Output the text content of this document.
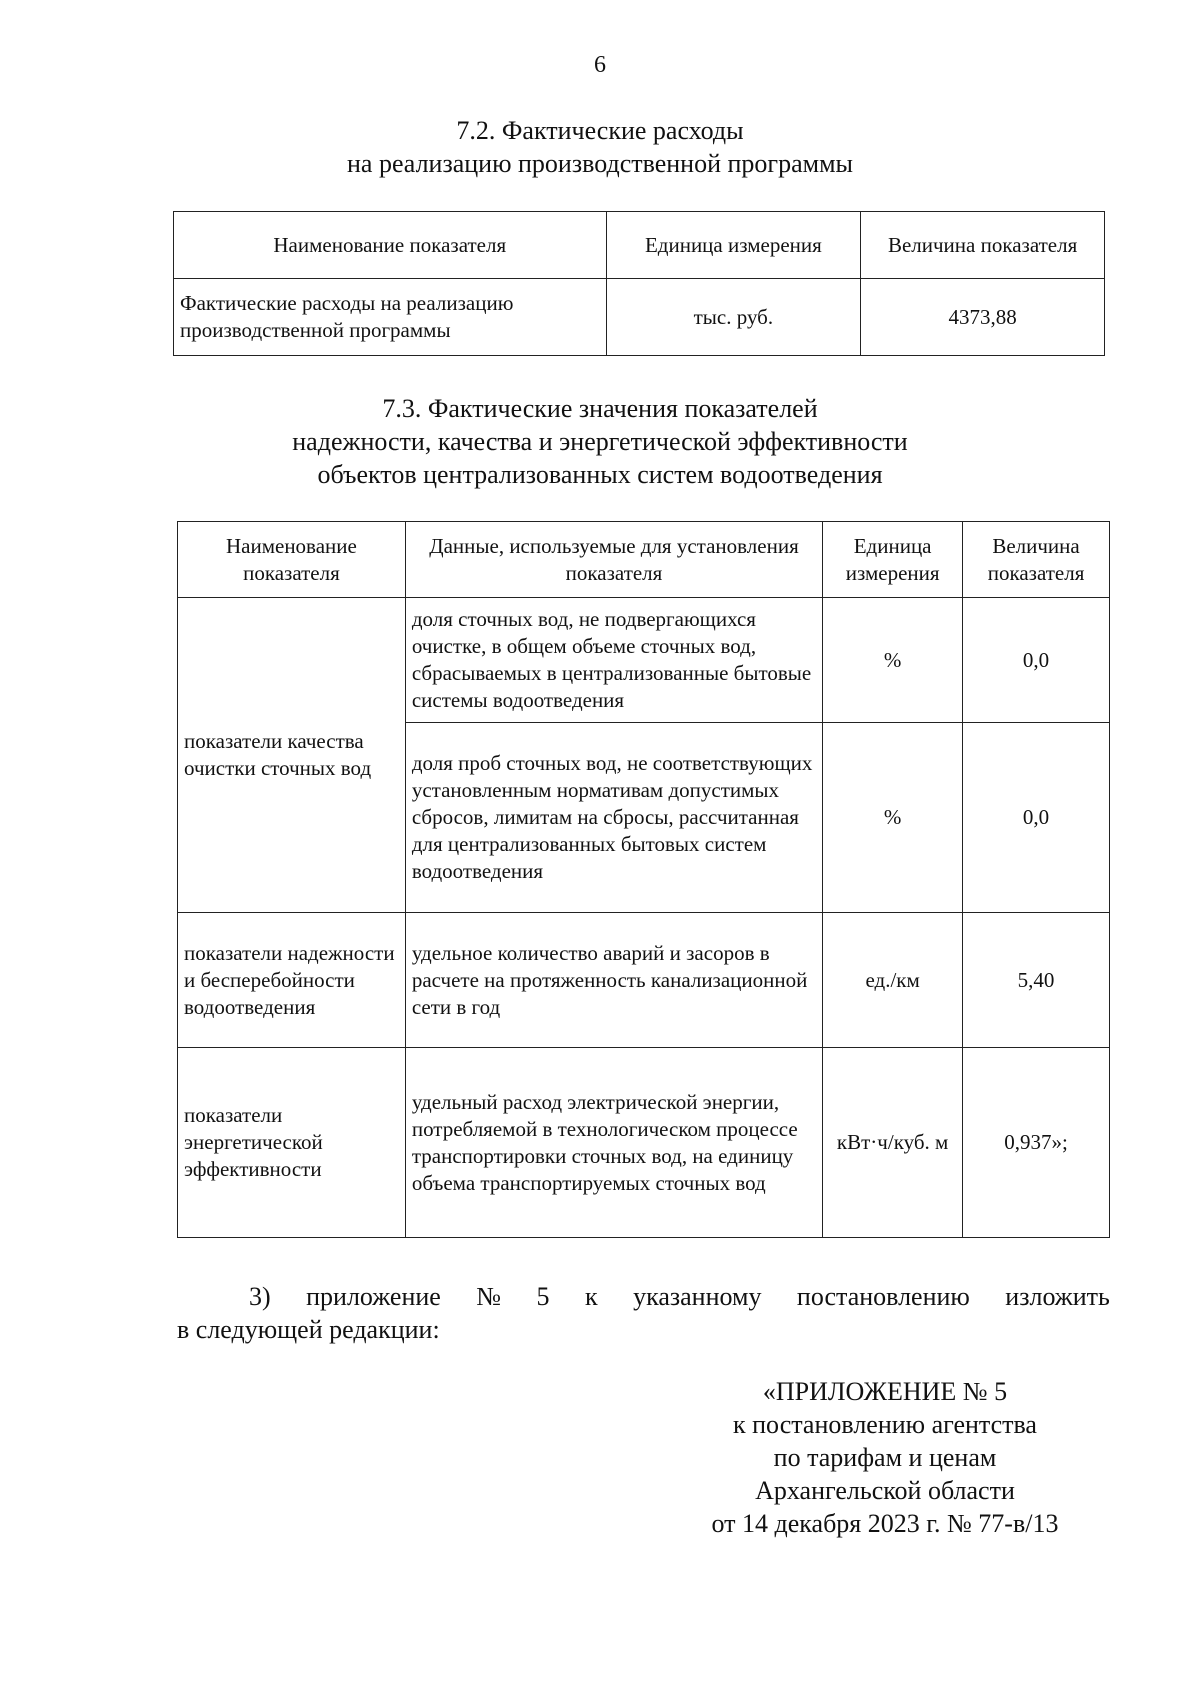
6
7.2. Фактические расходы
на реализацию производственной программы
Наименование показателя	Единица измерения	Величина показателя
Фактические расходы на реализацию производственной программы	тыс. руб.	4373,88
7.3. Фактические значения показателей
надежности, качества и энергетической эффективности
объектов централизованных систем водоотведения
Наименование показателя	Данные, используемые для установления показателя	Единица измерения	Величина показателя
показатели качества очистки сточных вод	доля сточных вод, не подвергающихся очистке, в общем объеме сточных вод, сбрасываемых в централизованные бытовые системы водоотведения	%	0,0
	доля проб сточных вод, не соответствующих установленным нормативам допустимых сбросов, лимитам на сбросы, рассчитанная для централизованных бытовых систем водоотведения	%	0,0
показатели надежности и бесперебойности водоотведения	удельное количество аварий и засоров в расчете на протяженность канализационной сети в год	ед./км	5,40
показатели энергетической эффективности	удельный расход электрической энергии, потребляемой в технологическом процессе транспортировки сточных вод, на единицу объема транспортируемых сточных вод	кВт·ч/куб. м	0,937»;
3) приложение № 5 к указанному постановлению изложить
в следующей редакции:
«ПРИЛОЖЕНИЕ № 5
к постановлению агентства
по тарифам и ценам
Архангельской области
от 14 декабря 2023 г. № 77-в/13
